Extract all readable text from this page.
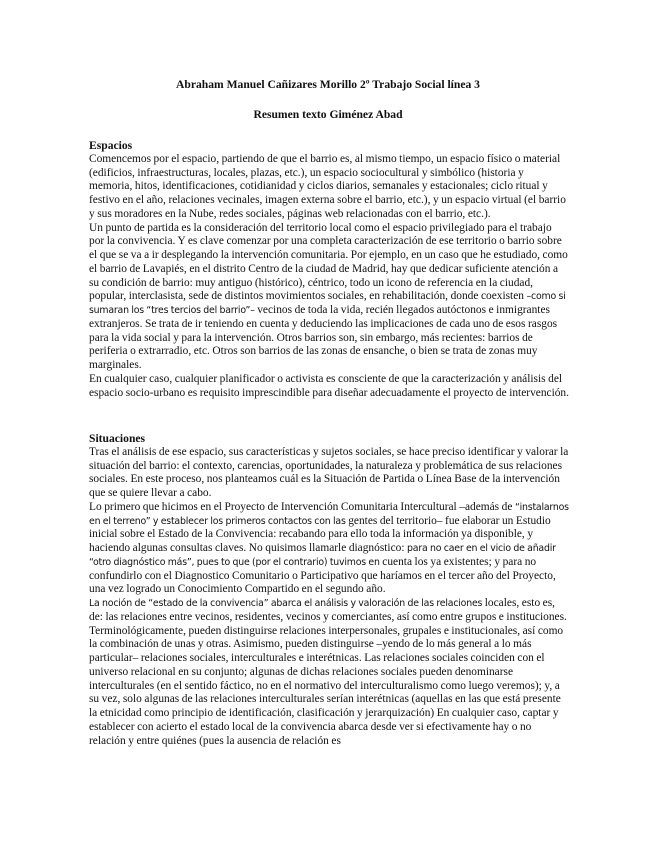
Abraham Manuel Cañizares Morillo 2º Trabajo Social línea 3
Resumen texto Giménez Abad
Espacios

Comencemos por el espacio, partiendo de que el barrio es, al mismo tiempo, un espacio físico o material (edificios, infraestructuras, locales, plazas, etc.), un espacio sociocultural y simbólico (historia y memoria, hitos, identificaciones, cotidianidad y ciclos diarios, semanales y estacionales; ciclo ritual y festivo en el año, relaciones vecinales, imagen externa sobre el barrio, etc.), y un espacio virtual (el barrio y sus moradores en la Nube, redes sociales, páginas web relacionadas con el barrio, etc.).

Un punto de partida es la consideración del territorio local como el espacio privilegiado para el trabajo por la convivencia. Y es clave comenzar por una completa caracterización de ese territorio o barrio sobre el que se va a ir desplegando la intervención comunitaria. Por ejemplo, en un caso que he estudiado, como el barrio de Lavapiés, en el distrito Centro de la ciudad de Madrid, hay que dedicar suficiente atención a su condición de barrio: muy antiguo (histórico), céntrico, todo un icono de referencia en la ciudad, popular, interclasista, sede de distintos movimientos sociales, en rehabilitación, donde coexisten –como si sumaran los “tres tercios del barrio”– vecinos de toda la vida, recién llegados autóctonos e inmigrantes extranjeros. Se trata de ir teniendo en cuenta y deduciendo las implicaciones de cada uno de esos rasgos para la vida social y para la intervención. Otros barrios son, sin embargo, más recientes: barrios de periferia o extrarradio, etc. Otros son barrios de las zonas de ensanche, o bien se trata de zonas muy marginales.

En cualquier caso, cualquier planificador o activista es consciente de que la caracterización y análisis del espacio socio-urbano es requisito imprescindible para diseñar adecuadamente el proyecto de intervención.

Situaciones

Tras el análisis de ese espacio, sus características y sujetos sociales, se hace preciso identificar y valorar la situación del barrio: el contexto, carencias, oportunidades, la naturaleza y problemática de sus relaciones sociales. En este proceso, nos planteamos cuál es la Situación de Partida o Línea Base de la intervención que se quiere llevar a cabo.

Lo primero que hicimos en el Proyecto de Intervención Comunitaria Intercultural –además de “instalarnos en el terreno” y establecer los primeros contactos con las gentes del territorio– fue elaborar un Estudio inicial sobre el Estado de la Convivencia: recabando para ello toda la información ya disponible, y haciendo algunas consultas claves. No quisimos llamarle diagnóstico: para no caer en el vicio de añadir “otro diagnóstico más”, pues to que (por el contrario) tuvimos en cuenta los ya existentes; y para no confundirlo con el Diagnostico Comunitario o Participativo que haríamos en el tercer año del Proyecto, una vez logrado un Conocimiento Compartido en el segundo año.

La noción de “estado de la convivencia” abarca el análisis y valoración de las relaciones locales, esto es, de: las relaciones entre vecinos, residentes, vecinos y comerciantes, así como entre grupos e instituciones. Terminológicamente, pueden distinguirse relaciones interpersonales, grupales e institucionales, así como la combinación de unas y otras. Asimismo, pueden distinguirse –yendo de lo más general a lo más particular– relaciones sociales, interculturales e interétnicas. Las relaciones sociales coinciden con el universo relacional en su conjunto; algunas de dichas relaciones sociales pueden denominarse interculturales (en el sentido fáctico, no en el normativo del interculturalismo como luego veremos); y, a su vez, solo algunas de las relaciones interculturales serían interétnicas (aquellas en las que está presente la etnicidad como principio de identificación, clasificación y jerarquización) En cualquier caso, captar y establecer con acierto el estado local de la convivencia abarca desde ver si efectivamente hay o no relación y entre quiénes (pues la ausencia de relación es
